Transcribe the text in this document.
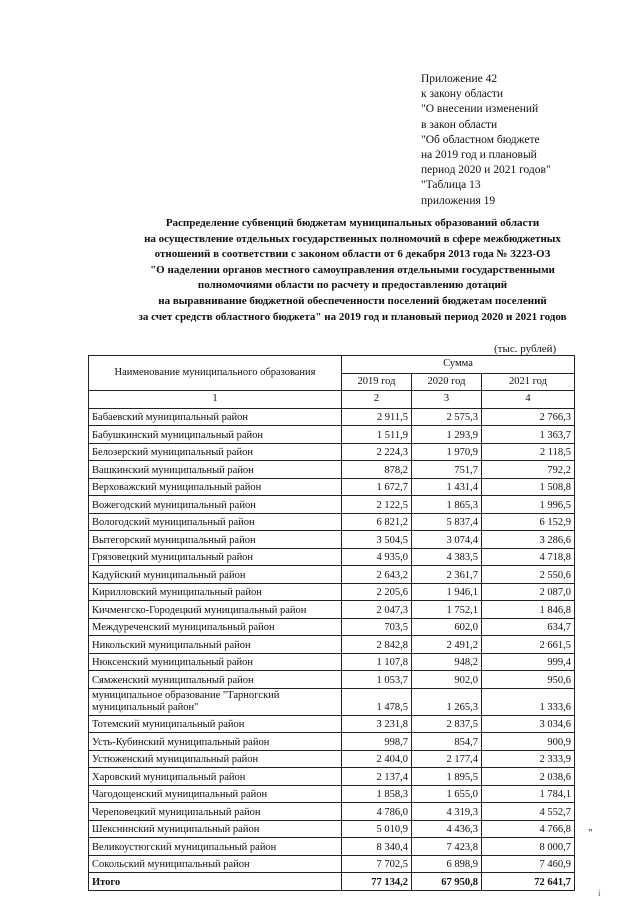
Приложение 42
к закону области
"О внесении изменений
в закон области
"Об областном бюджете
на 2019 год и плановый
период 2020 и 2021 годов"
"Таблица 13
приложения 19
Распределение субвенций бюджетам муниципальных образований области
на осуществление отдельных государственных полномочий в сфере межбюджетных
отношений в соответствии с законом области от 6 декабря 2013 года № 3223-ОЗ
"О наделении органов местного самоуправления отдельными государственными
полномочиями области по расчету и предоставлению дотаций
на выравнивание бюджетной обеспеченности поселений бюджетам поселений
за счет средств областного бюджета" на 2019 год и плановый период 2020 и 2021 годов
(тыс. рублей)
Наименование муниципального образования	Сумма		
	2019 год	2020 год	2021 год
1	2	3	4
Бабаевский муниципальный район	2 911,5	2 575,3	2 766,3
Бабушкинский муниципальный район	1 511,9	1 293,9	1 363,7
Белозерский муниципальный район	2 224,3	1 970,9	2 118,5
Вашкинский муниципальный район	878,2	751,7	792,2
Верховажский муниципальный район	1 672,7	1 431,4	1 508,8
Вожегодский муниципальный район	2 122,5	1 865,3	1 996,5
Вологодский муниципальный район	6 821,2	5 837,4	6 152,9
Вытегорский муниципальный район	3 504,5	3 074,4	3 286,6
Грязовецкий муниципальный район	4 935,0	4 383,5	4 718,8
Кадуйский муниципальный район	2 643,2	2 361,7	2 550,6
Кирилловский муниципальный район	2 205,6	1 946,1	2 087,0
Кичменгско-Городецкий муниципальный район	2 047,3	1 752,1	1 846,8
Междуреченский муниципальный район	703,5	602,0	634,7
Никольский муниципальный район	2 842,8	2 491,2	2 661,5
Нюксенский муниципальный район	1 107,8	948,2	999,4
Сямженский муниципальный район	1 053,7	902,0	950,6
муниципальное образование "Тарногский муниципальный район"	1 478,5	1 265,3	1 333,6
Тотемский муниципальный район	3 231,8	2 837,5	3 034,6
Усть-Кубинский муниципальный район	998,7	854,7	900,9
Устюженский муниципальный район	2 404,0	2 177,4	2 333,9
Харовский муниципальный район	2 137,4	1 895,5	2 038,6
Чагодощенский муниципальный район	1 858,3	1 655,0	1 784,1
Череповецкий муниципальный район	4 786,0	4 319,3	4 552,7
Шекснинский муниципальный район	5 010,9	4 436,3	4 766,8
Великоустюгский муниципальный район	8 340,4	7 423,8	8 000,7
Сокольский муниципальный район	7 702,5	6 898,9	7 460,9
Итого	77 134,2	67 950,8	72 641,7
"
i
